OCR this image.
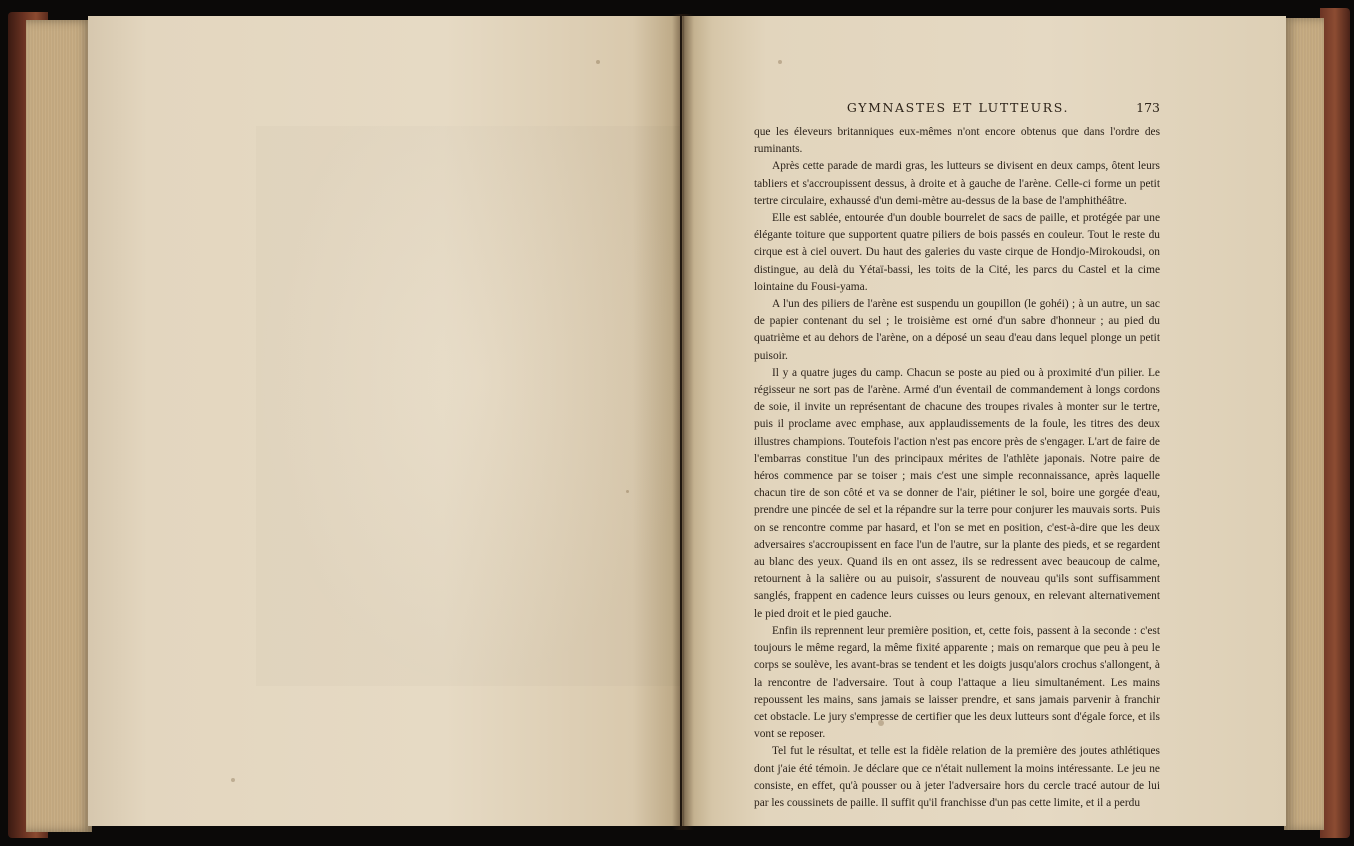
GYMNASTES ET LUTTEURS.	173

que les éleveurs britanniques eux-mêmes n'ont encore obtenus que dans l'ordre des ruminants.

Après cette parade de mardi gras, les lutteurs se divisent en deux camps, ôtent leurs tabliers et s'accroupissent dessus, à droite et à gauche de l'arène. Celle-ci forme un petit tertre circulaire, exhaussé d'un demi-mètre au-dessus de la base de l'amphithéâtre.

Elle est sablée, entourée d'un double bourrelet de sacs de paille, et protégée par une élégante toiture que supportent quatre piliers de bois passés en couleur. Tout le reste du cirque est à ciel ouvert. Du haut des galeries du vaste cirque de Hondjo-Mirokoudsi, on distingue, au delà du Yétaï-bassi, les toits de la Cité, les parcs du Castel et la cime lointaine du Fousi-yama.

A l'un des piliers de l'arène est suspendu un goupillon (le gohéi) ; à un autre, un sac de papier contenant du sel ; le troisième est orné d'un sabre d'honneur ; au pied du quatrième et au dehors de l'arène, on a déposé un seau d'eau dans lequel plonge un petit puisoir.

Il y a quatre juges du camp. Chacun se poste au pied ou à proximité d'un pilier. Le régisseur ne sort pas de l'arène. Armé d'un éventail de commandement à longs cordons de soie, il invite un représentant de chacune des troupes rivales à monter sur le tertre, puis il proclame avec emphase, aux applaudissements de la foule, les titres des deux illustres champions. Toutefois l'action n'est pas encore près de s'engager. L'art de faire de l'embarras constitue l'un des principaux mérites de l'athlète japonais. Notre paire de héros commence par se toiser ; mais c'est une simple reconnaissance, après laquelle chacun tire de son côté et va se donner de l'air, piétiner le sol, boire une gorgée d'eau, prendre une pincée de sel et la répandre sur la terre pour conjurer les mauvais sorts. Puis on se rencontre comme par hasard, et l'on se met en position, c'est-à-dire que les deux adversaires s'accroupissent en face l'un de l'autre, sur la plante des pieds, et se regardent au blanc des yeux. Quand ils en ont assez, ils se redressent avec beaucoup de calme, retournent à la salière ou au puisoir, s'assurent de nouveau qu'ils sont suffisamment sanglés, frappent en cadence leurs cuisses ou leurs genoux, en relevant alternativement le pied droit et le pied gauche.

Enfin ils reprennent leur première position, et, cette fois, passent à la seconde : c'est toujours le même regard, la même fixité apparente ; mais on remarque que peu à peu le corps se soulève, les avant-bras se tendent et les doigts jusqu'alors crochus s'allongent, à la rencontre de l'adversaire. Tout à coup l'attaque a lieu simultanément. Les mains repoussent les mains, sans jamais se laisser prendre, et sans jamais parvenir à franchir cet obstacle. Le jury s'empresse de certifier que les deux lutteurs sont d'égale force, et ils vont se reposer.

Tel fut le résultat, et telle est la fidèle relation de la première des joutes athlétiques dont j'aie été témoin. Je déclare que ce n'était nullement la moins intéressante. Le jeu ne consiste, en effet, qu'à pousser ou à jeter l'adversaire hors du cercle tracé autour de lui par les coussinets de paille. Il suffit qu'il franchisse d'un pas cette limite, et il a perdu
